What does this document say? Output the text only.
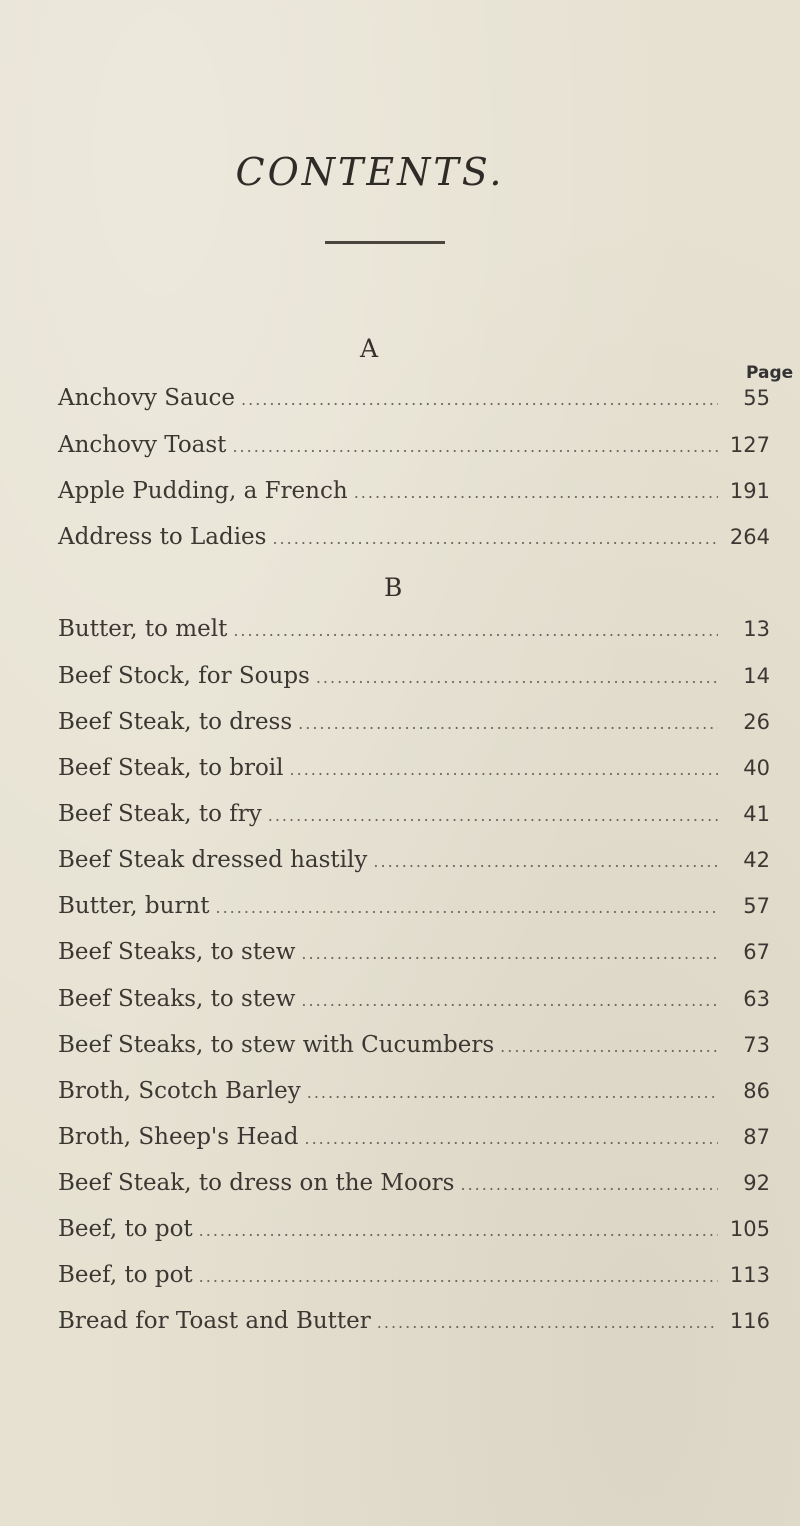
CONTENTS.
A
Page
Anchovy Sauce .....	55
Anchovy Toast .....	127
Apple Pudding, a French .....	191
Address to Ladies .....	264
B
Butter, to melt .....	13
Beef Stock, for Soups .....	14
Beef Steak, to dress .....	26
Beef Steak, to broil .....	40
Beef Steak, to fry .....	41
Beef Steak dressed hastily .....	42
Butter, burnt .....	57
Beef Steaks, to stew .....	67
Beef Steaks, to stew .....	63
Beef Steaks, to stew with Cucumbers .....	73
Broth, Scotch Barley .....	86
Broth, Sheep's Head .....	87
Beef Steak, to dress on the Moors .....	92
Beef, to pot .....	105
Beef, to pot .....	113
Bread for Toast and Butter .....	116
